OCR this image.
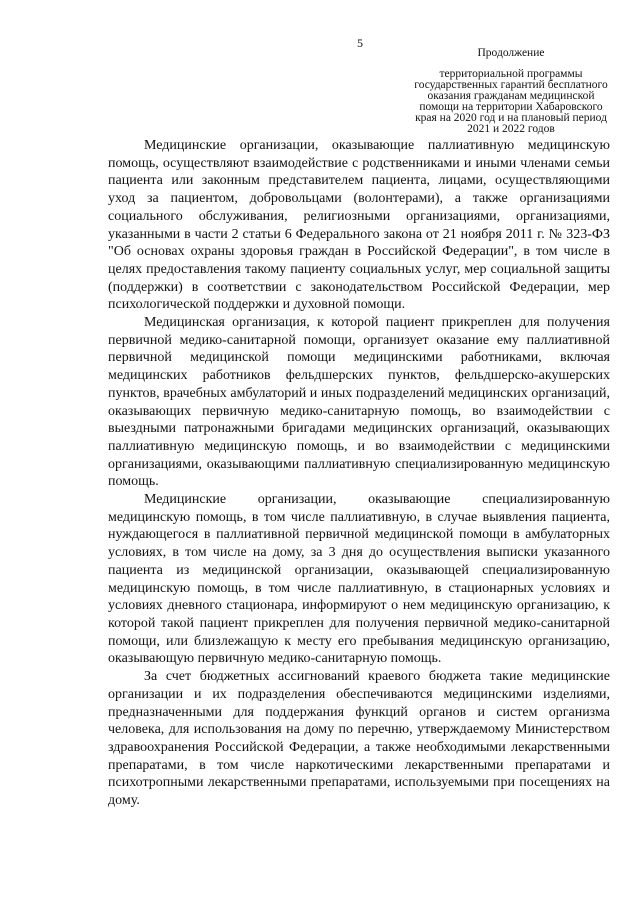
5
Продолжение
территориальной программы
государственных гарантий бесплатного
оказания гражданам медицинской
помощи на территории Хабаровского
края на 2020 год и на плановый период
2021 и 2022 годов

Медицинские организации, оказывающие паллиативную медицинскую помощь, осуществляют взаимодействие с родственниками и иными членами семьи пациента или законным представителем пациента, лицами, осуществляющими уход за пациентом, добровольцами (волонтерами), а также организациями социального обслуживания, религиозными организациями, организациями, указанными в части 2 статьи 6 Федерального закона от 21 ноября 2011 г. № 323-ФЗ "Об основах охраны здоровья граждан в Российской Федерации", в том числе в целях предоставления такому пациенту социальных услуг, мер социальной защиты (поддержки) в соответствии с законодательством Российской Федерации, мер психологической поддержки и духовной помощи.

Медицинская организация, к которой пациент прикреплен для получения первичной медико-санитарной помощи, организует оказание ему паллиативной первичной медицинской помощи медицинскими работниками, включая медицинских работников фельдшерских пунктов, фельдшерско-акушерских пунктов, врачебных амбулаторий и иных подразделений медицинских организаций, оказывающих первичную медико-санитарную помощь, во взаимодействии с выездными патронажными бригадами медицинских организаций, оказывающих паллиативную медицинскую помощь, и во взаимодействии с медицинскими организациями, оказывающими паллиативную специализированную медицинскую помощь.

Медицинские организации, оказывающие специализированную медицинскую помощь, в том числе паллиативную, в случае выявления пациента, нуждающегося в паллиативной первичной медицинской помощи в амбулаторных условиях, в том числе на дому, за 3 дня до осуществления выписки указанного пациента из медицинской организации, оказывающей специализированную медицинскую помощь, в том числе паллиативную, в стационарных условиях и условиях дневного стационара, информируют о нем медицинскую организацию, к которой такой пациент прикреплен для получения первичной медико-санитарной помощи, или близлежащую к месту его пребывания медицинскую организацию, оказывающую первичную медико-санитарную помощь.

За счет бюджетных ассигнований краевого бюджета такие медицинские организации и их подразделения обеспечиваются медицинскими изделиями, предназначенными для поддержания функций органов и систем организма человека, для использования на дому по перечню, утверждаемому Министерством здравоохранения Российской Федерации, а также необходимыми лекарственными препаратами, в том числе наркотическими лекарственными препаратами и психотропными лекарственными препаратами, используемыми при посещениях на дому.
